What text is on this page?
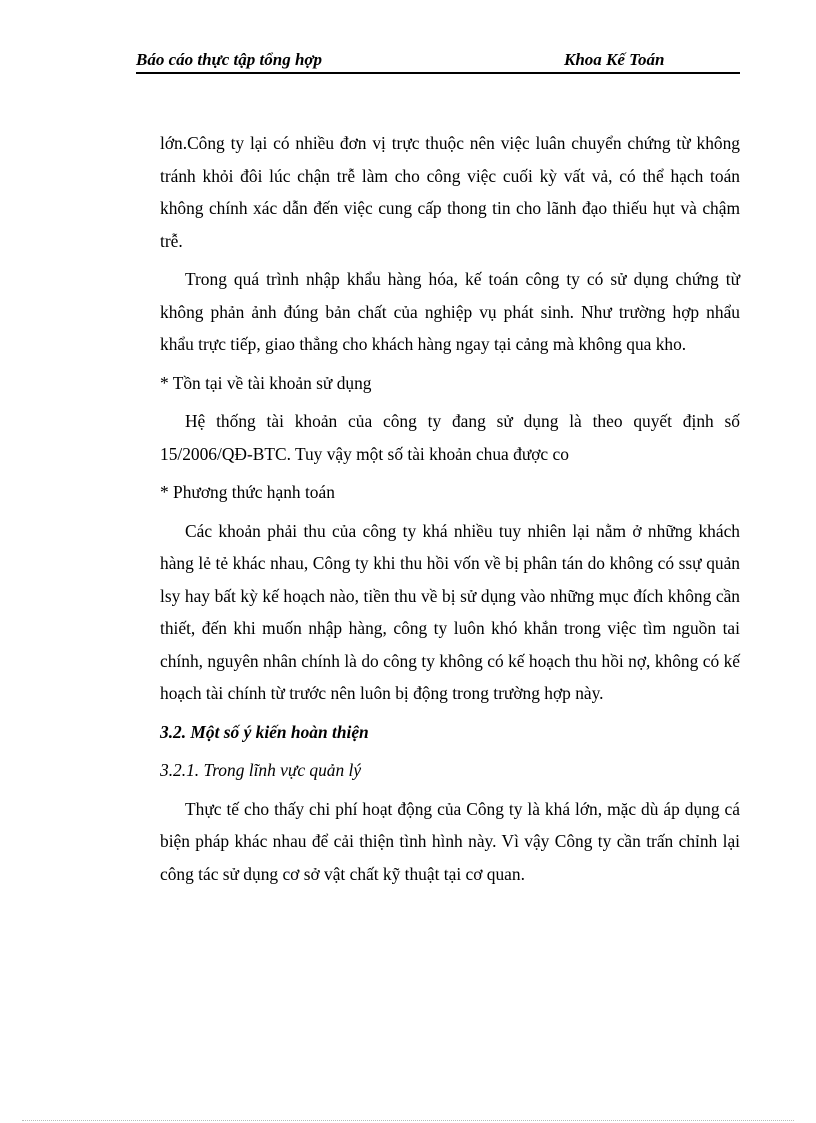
Báo cáo thực tập tổng hợp	Khoa Kế Toán

lớn.Công ty lại có nhiều đơn vị trực thuộc nên việc luân chuyển chứng từ không tránh khỏi đôi lúc chận trễ làm cho công việc cuối kỳ vất vả, có thể hạch toán không chính xác dẫn đến việc cung cấp thong tin cho lãnh đạo thiếu hụt và chậm trễ.

Trong quá trình nhập khẩu hàng hóa, kế toán công ty có sử dụng chứng từ không phản ảnh đúng bản chất của nghiệp vụ phát sinh. Như trường hợp nhẩu khẩu trực tiếp, giao thẳng cho khách hàng ngay tại cảng mà không qua kho.

* Tồn tại về tài khoản sử dụng

Hệ thống tài khoản của công ty đang sử dụng là theo quyết định số 15/2006/QĐ-BTC. Tuy vậy một số tài khoản chua được co

* Phương thức hạnh toán

Các khoản phải thu của công ty khá nhiều tuy nhiên lại nằm ở những khách hàng lẻ tẻ khác nhau, Công ty khi thu hồi vốn về bị phân tán do không có ssự quản lsy hay bất kỳ kế hoạch nào, tiền thu về bị sử dụng vào những mục đích không cần thiết, đến khi muốn nhập hàng, công ty luôn khó khắn trong việc tìm nguồn tai chính, nguyên nhân chính là do công ty không có kế hoạch thu hồi nợ, không có kế hoạch tài chính từ trước nên luôn bị động trong trường hợp này.

3.2. Một số ý kiến hoàn thiện

3.2.1. Trong lĩnh vực quản lý

Thực tế cho thấy chi phí hoạt động của Công ty là khá lớn, mặc dù áp dụng cá biện pháp khác nhau để cải thiện tình hình này. Vì vậy Công ty cần trấn chỉnh lại công tác sử dụng cơ sở vật chất kỹ thuật tại cơ quan.
